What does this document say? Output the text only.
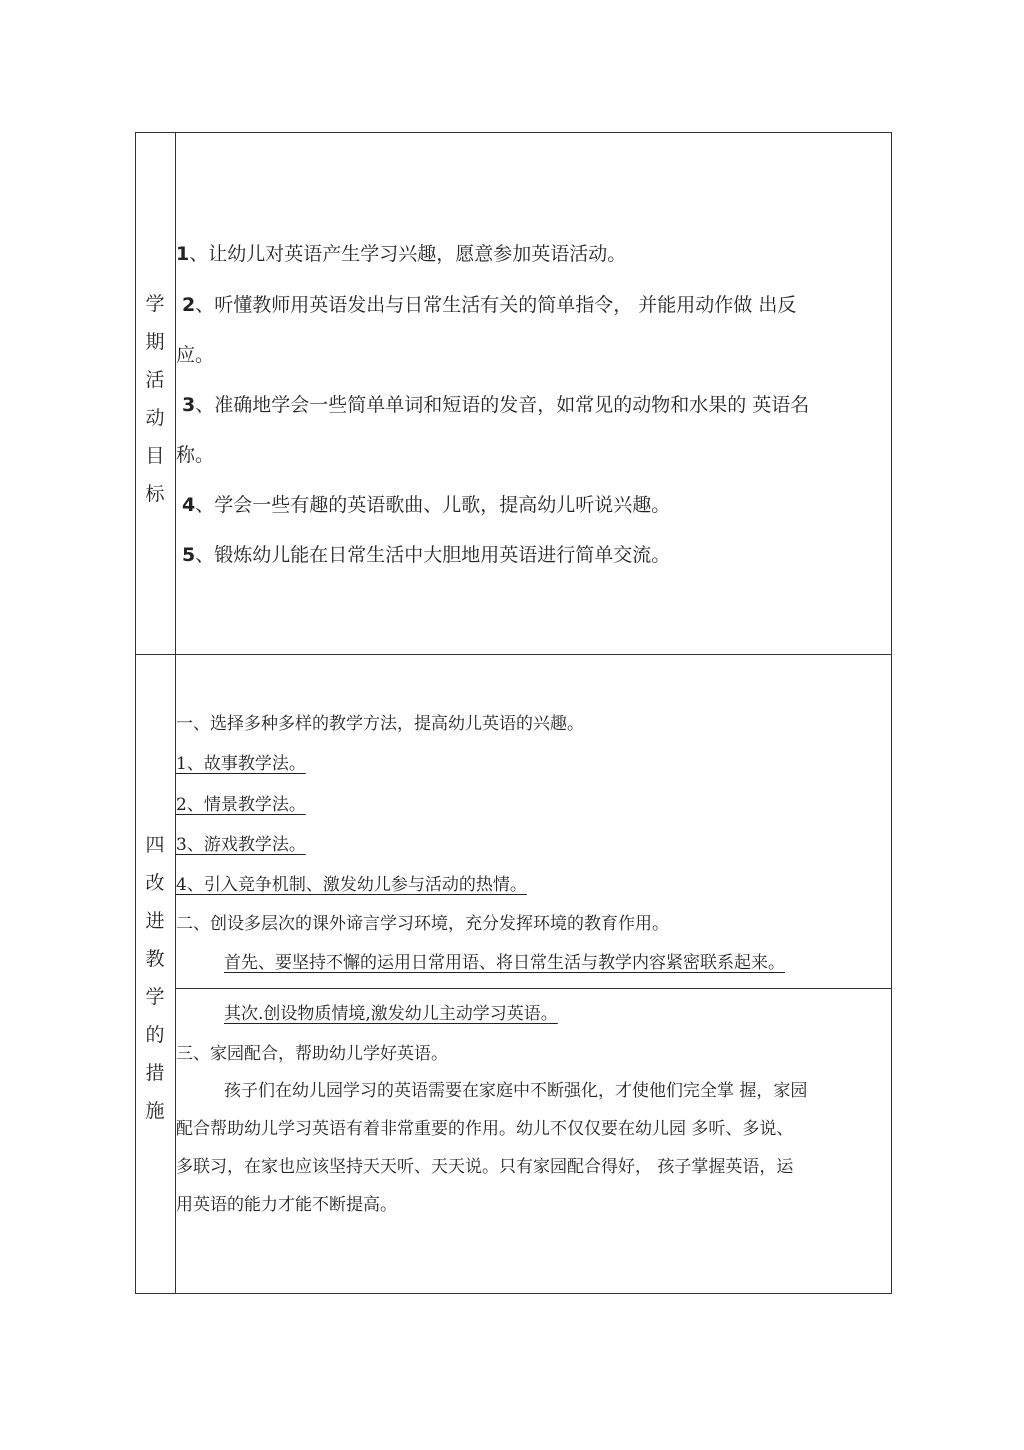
学
期
活
动
目
标
1、让幼儿对英语产生学习兴趣，愿意参加英语活动。
2、听懂教师用英语发出与日常生活有关的简单指令， 并能用动作做 出反
应。
3、准确地学会一些简单单词和短语的发音，如常见的动物和水果的 英语名
称。
4、学会一些有趣的英语歌曲、儿歌，提高幼儿听说兴趣。
5、锻炼幼儿能在日常生活中大胆地用英语进行简单交流。
四
改
进
教
学
的
措
施
一、选择多种多样的教学方法，提高幼儿英语的兴趣。
1、故事教学法。
2、情景教学法。
3、游戏教学法。
4、引入竞争机制、激发幼儿参与活动的热情。
二、创设多层次的课外谛言学习环境，充分发挥环境的教育作用。
首先、要坚持不懈的运用日常用语、将日常生活与教学内容紧密联系起来。
其次.创设物质情境,激发幼儿主动学习英语。
三、家园配合，帮助幼儿学好英语。
孩子们在幼儿园学习的英语需要在家庭中不断强化，才使他们完全掌 握，家园
配合帮助幼儿学习英语有着非常重要的作用。幼儿不仅仅要在幼儿园 多听、多说、
多联习，在家也应该坚持天天听、天天说。只有家园配合得好， 孩子掌握英语，运
用英语的能力才能不断提高。
